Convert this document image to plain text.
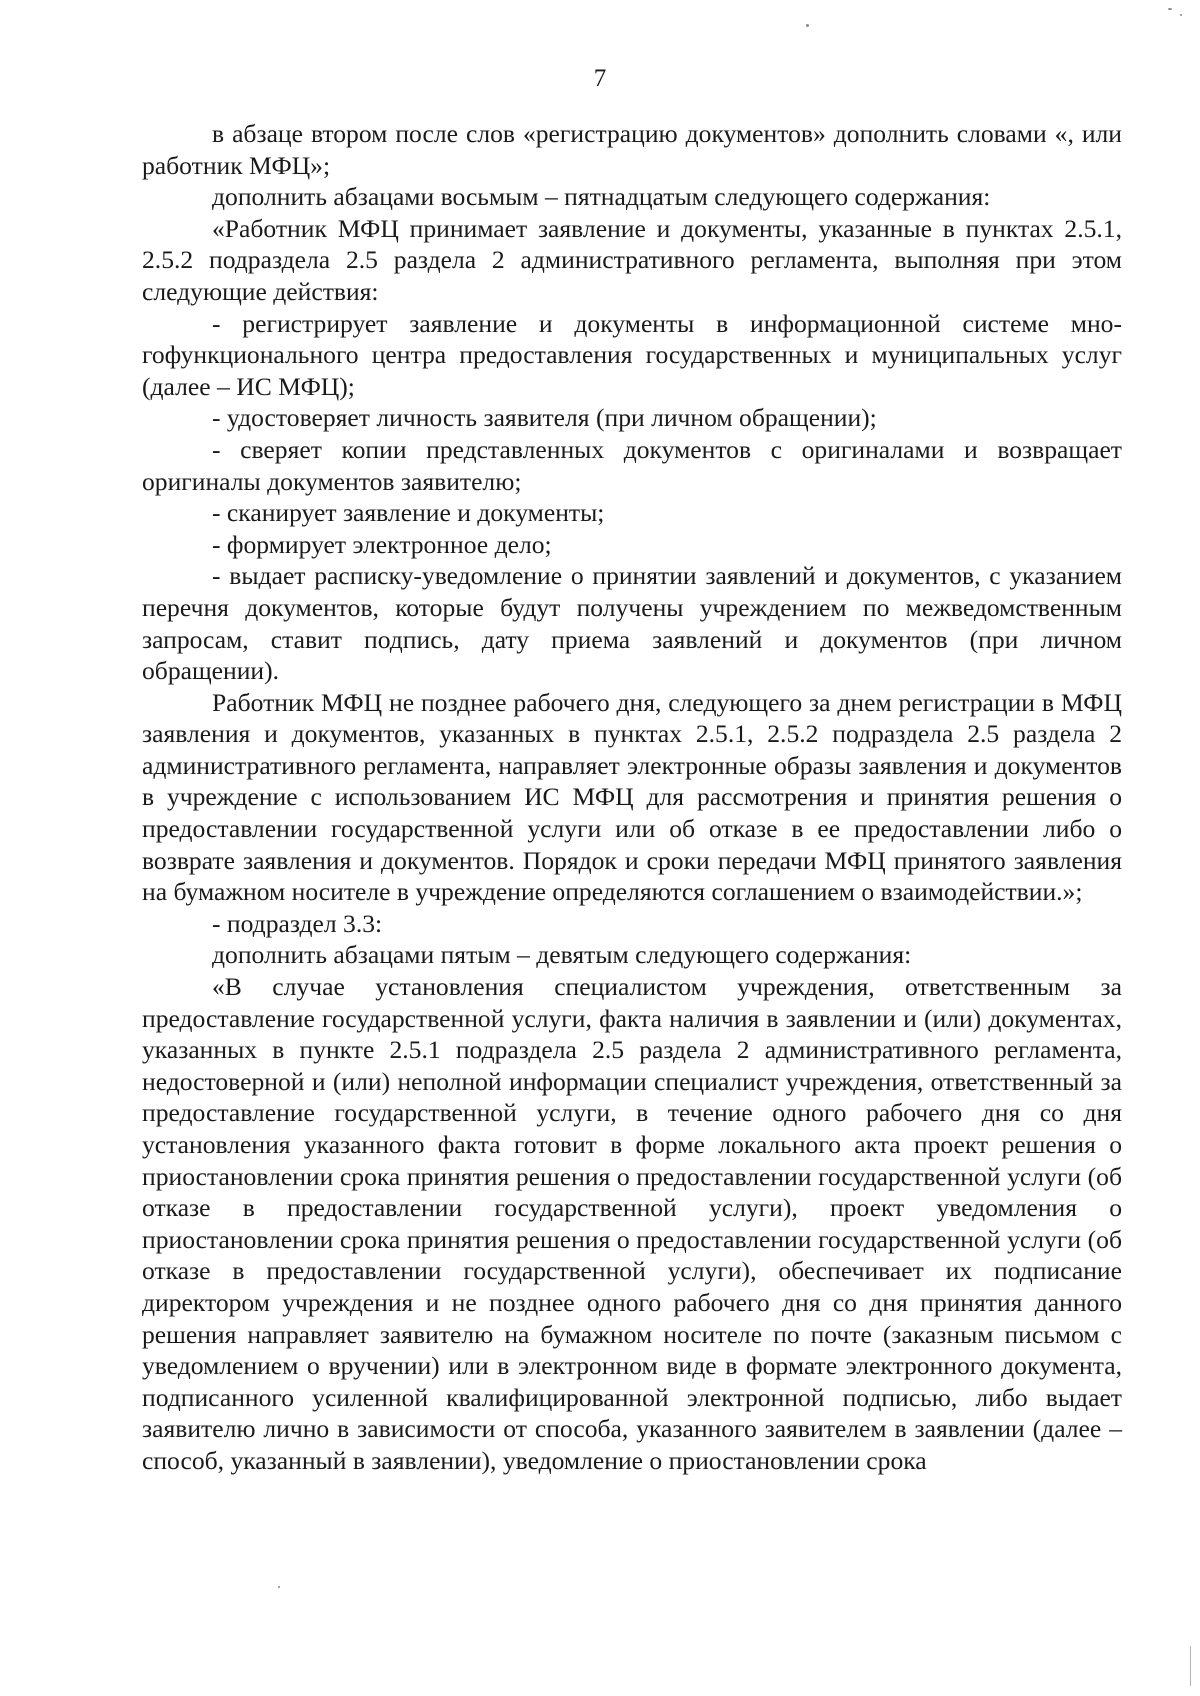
7

в абзаце втором после слов «регистрацию документов» дополнить словами «, или работник МФЦ»;

дополнить абзацами восьмым – пятнадцатым следующего содержания:

«Работник МФЦ принимает заявление и документы, указанные в пунктах 2.5.1, 2.5.2 подраздела 2.5 раздела 2 административного регламента, выполняя при этом следующие действия:

- регистрирует заявление и документы в информационной системе многофункционального центра предоставления государственных и муниципальных услуг (далее – ИС МФЦ);

- удостоверяет личность заявителя (при личном обращении);

- сверяет копии представленных документов с оригиналами и возвращает оригиналы документов заявителю;

- сканирует заявление и документы;

- формирует электронное дело;

- выдает расписку-уведомление о принятии заявлений и документов, с указанием перечня документов, которые будут получены учреждением по межведомственным запросам, ставит подпись, дату приема заявлений и документов (при личном обращении).

Работник МФЦ не позднее рабочего дня, следующего за днем регистрации в МФЦ заявления и документов, указанных в пунктах 2.5.1, 2.5.2 подраздела 2.5 раздела 2 административного регламента, направляет электронные образы заявления и документов в учреждение с использованием ИС МФЦ для рассмотрения и принятия решения о предоставлении государственной услуги или об отказе в ее предоставлении либо о возврате заявления и документов. Порядок и сроки передачи МФЦ принятого заявления на бумажном носителе в учреждение определяются соглашением о взаимодействии.»;

- подраздел 3.3:

дополнить абзацами пятым – девятым следующего содержания:

«В случае установления специалистом учреждения, ответственным за предоставление государственной услуги, факта наличия в заявлении и (или) документах, указанных в пункте 2.5.1 подраздела 2.5 раздела 2 административного регламента, недостоверной и (или) неполной информации специалист учреждения, ответственный за предоставление государственной услуги, в течение одного рабочего дня со дня установления указанного факта готовит в форме локального акта проект решения о приостановлении срока принятия решения о предоставлении государственной услуги (об отказе в предоставлении государственной услуги), проект уведомления о приостановлении срока принятия решения о предоставлении государственной услуги (об отказе в предоставлении государственной услуги), обеспечивает их подписание директором учреждения и не позднее одного рабочего дня со дня принятия данного решения направляет заявителю на бумажном носителе по почте (заказным письмом с уведомлением о вручении) или в электронном виде в формате электронного документа, подписанного усиленной квалифицированной электронной подписью, либо выдает заявителю лично в зависимости от способа, указанного заявителем в заявлении (далее – способ, указанный в заявлении), уведомление о приостановлении срока
